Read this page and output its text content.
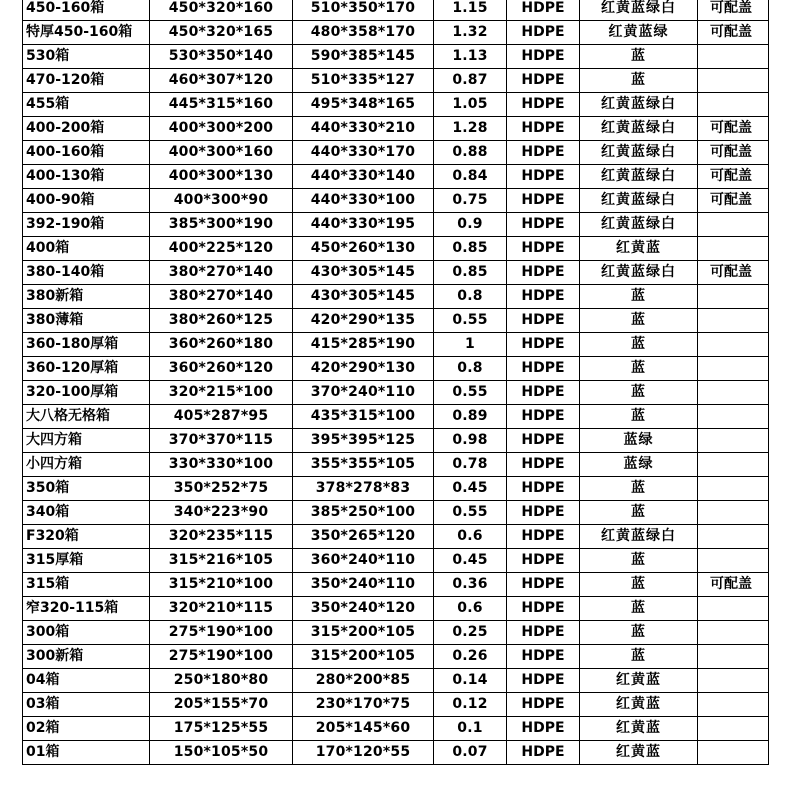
450-160箱	450*320*160	510*350*170	1.15	HDPE	红黄蓝绿白	可配盖
特厚450-160箱	450*320*165	480*358*170	1.32	HDPE	红黄蓝绿	可配盖
530箱	530*350*140	590*385*145	1.13	HDPE	蓝	
470-120箱	460*307*120	510*335*127	0.87	HDPE	蓝	
455箱	445*315*160	495*348*165	1.05	HDPE	红黄蓝绿白	
400-200箱	400*300*200	440*330*210	1.28	HDPE	红黄蓝绿白	可配盖
400-160箱	400*300*160	440*330*170	0.88	HDPE	红黄蓝绿白	可配盖
400-130箱	400*300*130	440*330*140	0.84	HDPE	红黄蓝绿白	可配盖
400-90箱	400*300*90	440*330*100	0.75	HDPE	红黄蓝绿白	可配盖
392-190箱	385*300*190	440*330*195	0.9	HDPE	红黄蓝绿白	
400箱	400*225*120	450*260*130	0.85	HDPE	红黄蓝	
380-140箱	380*270*140	430*305*145	0.85	HDPE	红黄蓝绿白	可配盖
380新箱	380*270*140	430*305*145	0.8	HDPE	蓝	
380薄箱	380*260*125	420*290*135	0.55	HDPE	蓝	
360-180厚箱	360*260*180	415*285*190	1	HDPE	蓝	
360-120厚箱	360*260*120	420*290*130	0.8	HDPE	蓝	
320-100厚箱	320*215*100	370*240*110	0.55	HDPE	蓝	
大八格无格箱	405*287*95	435*315*100	0.89	HDPE	蓝	
大四方箱	370*370*115	395*395*125	0.98	HDPE	蓝绿	
小四方箱	330*330*100	355*355*105	0.78	HDPE	蓝绿	
350箱	350*252*75	378*278*83	0.45	HDPE	蓝	
340箱	340*223*90	385*250*100	0.55	HDPE	蓝	
F320箱	320*235*115	350*265*120	0.6	HDPE	红黄蓝绿白	
315厚箱	315*216*105	360*240*110	0.45	HDPE	蓝	
315箱	315*210*100	350*240*110	0.36	HDPE	蓝	可配盖
窄320-115箱	320*210*115	350*240*120	0.6	HDPE	蓝	
300箱	275*190*100	315*200*105	0.25	HDPE	蓝	
300新箱	275*190*100	315*200*105	0.26	HDPE	蓝	
04箱	250*180*80	280*200*85	0.14	HDPE	红黄蓝	
03箱	205*155*70	230*170*75	0.12	HDPE	红黄蓝	
02箱	175*125*55	205*145*60	0.1	HDPE	红黄蓝	
01箱	150*105*50	170*120*55	0.07	HDPE	红黄蓝	
